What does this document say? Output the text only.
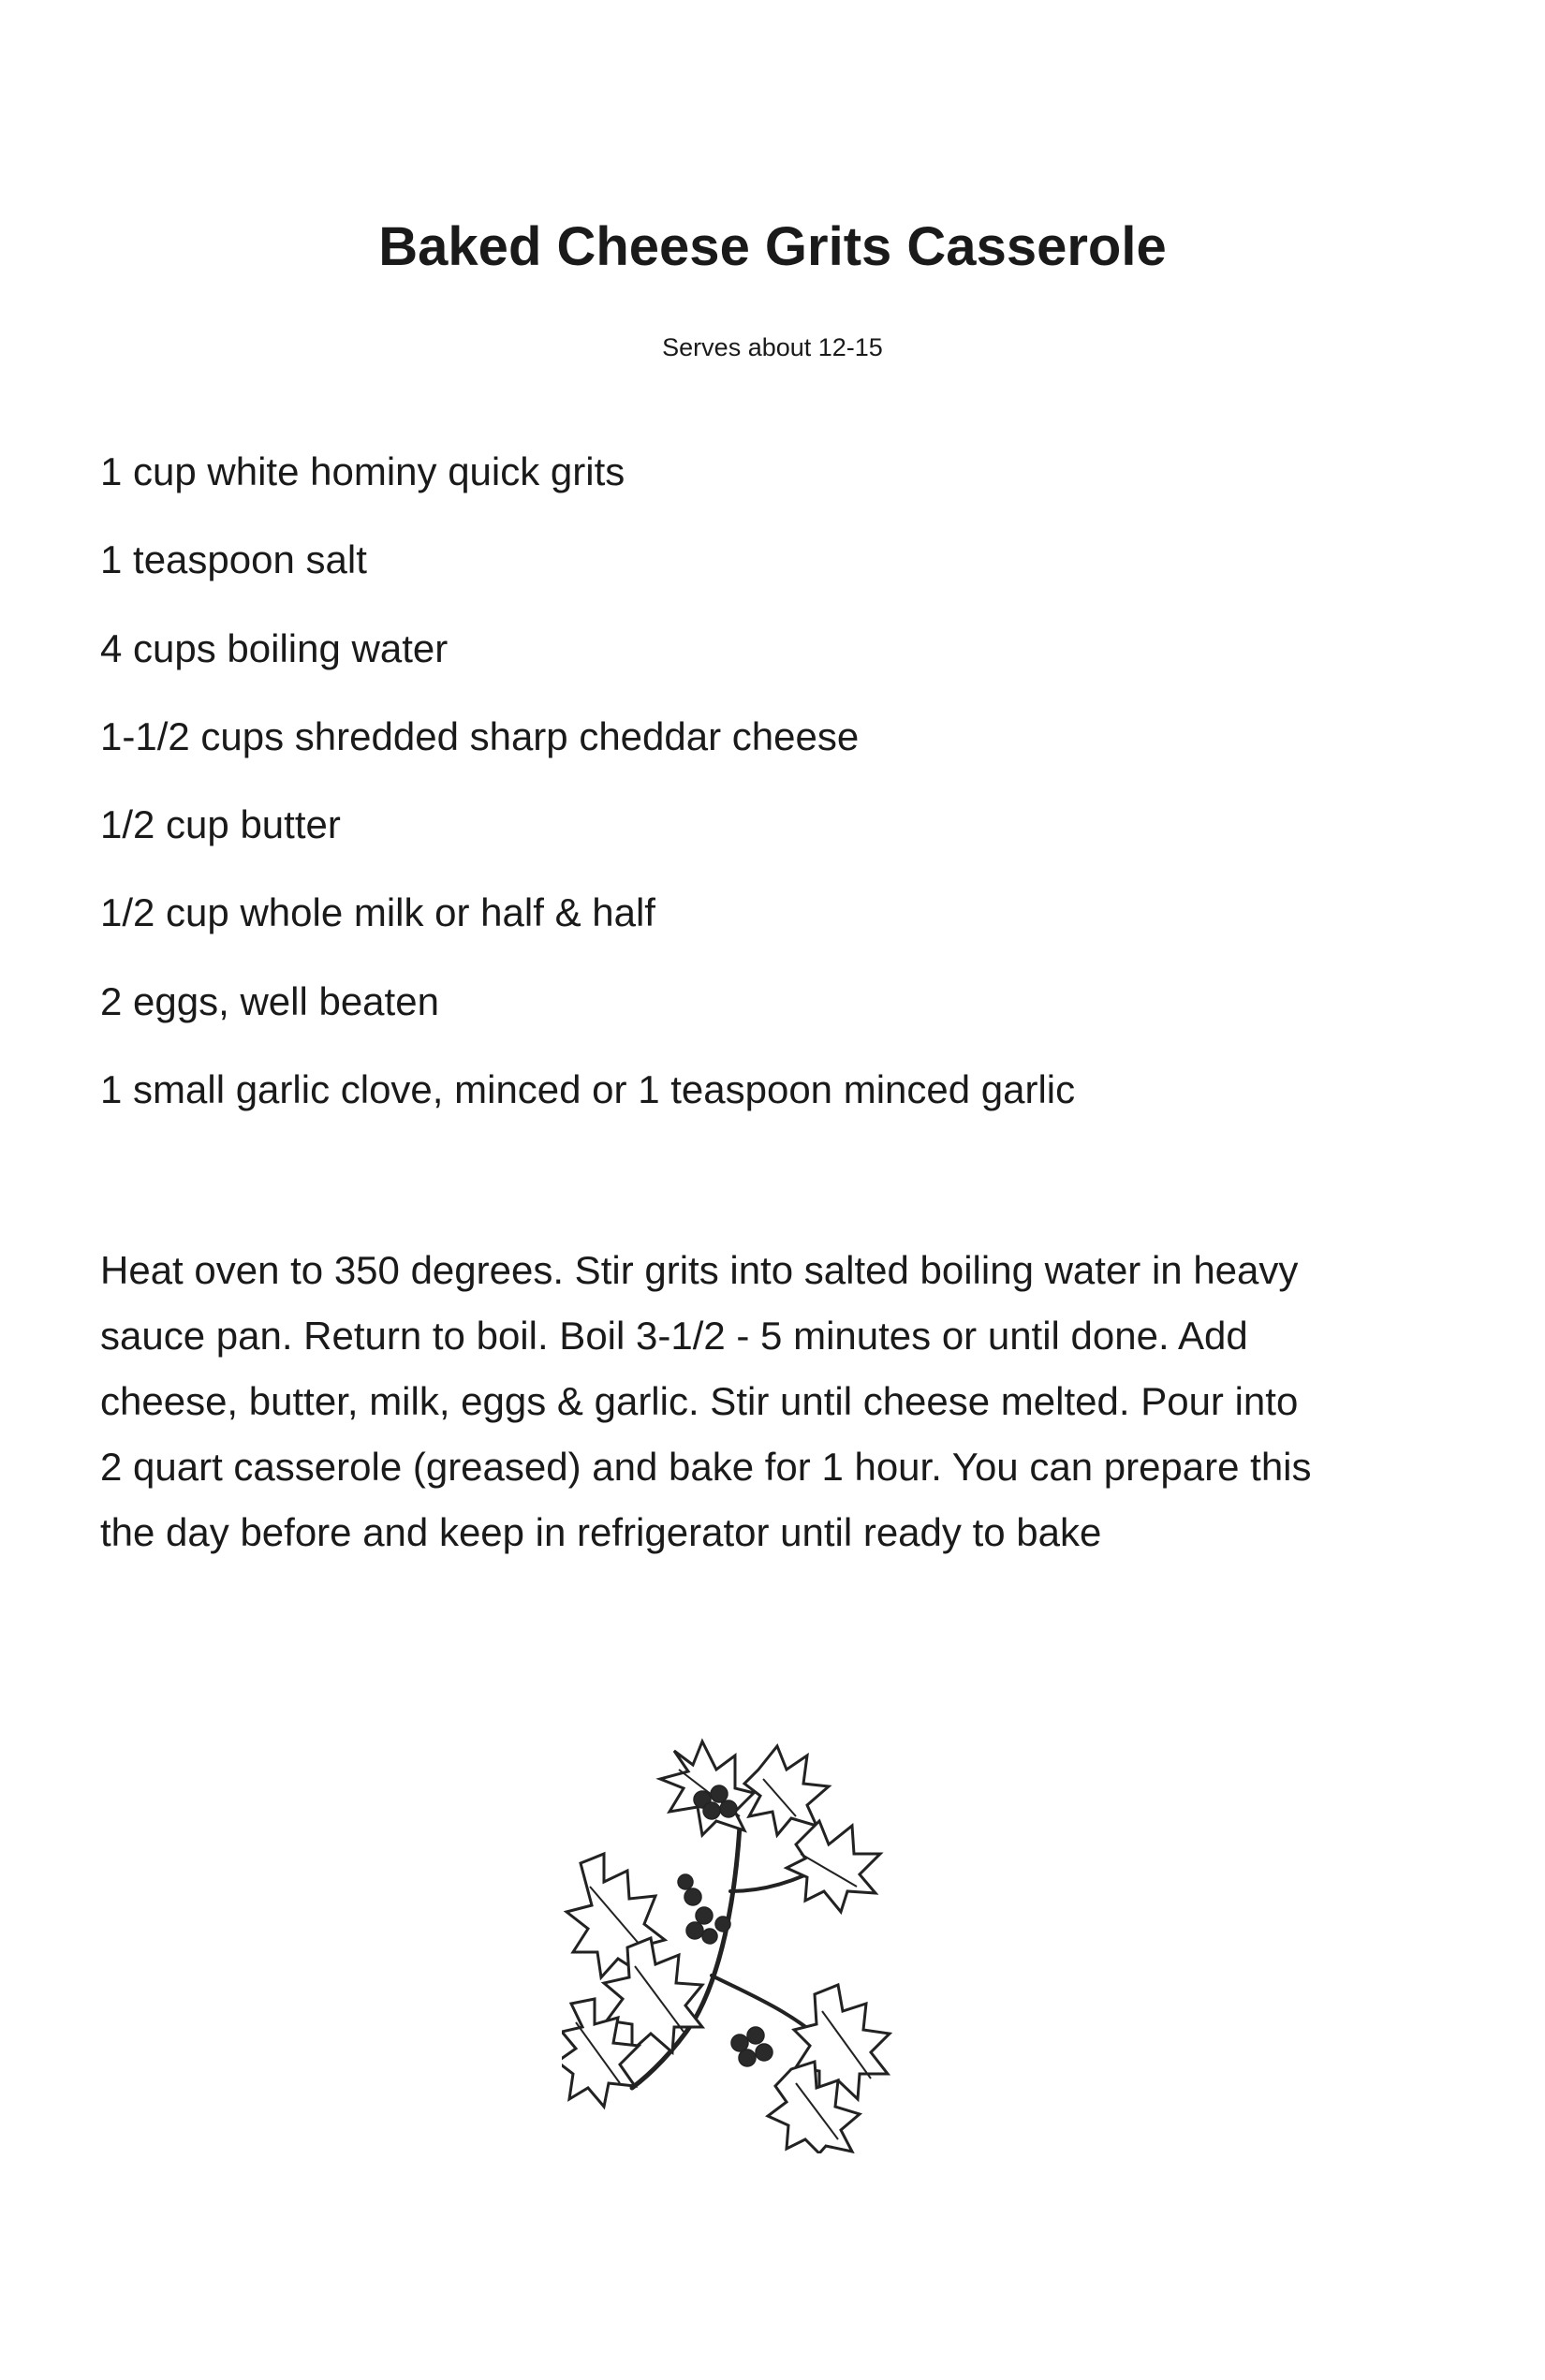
Baked Cheese Grits Casserole

Serves about 12-15

1 cup white hominy quick grits
1 teaspoon salt
4 cups boiling water
1-1/2 cups shredded sharp cheddar cheese
1/2 cup butter
1/2 cup whole milk or half & half
2 eggs, well beaten
1 small garlic clove, minced or 1 teaspoon minced garlic

Heat oven to 350 degrees. Stir grits into salted boiling water in heavy
sauce pan. Return to boil. Boil 3-1/2 - 5 minutes or until done. Add
cheese, butter, milk, eggs & garlic. Stir until cheese melted. Pour into
2 quart casserole (greased) and bake for 1 hour. You can prepare this
the day before and keep in refrigerator until ready to bake
